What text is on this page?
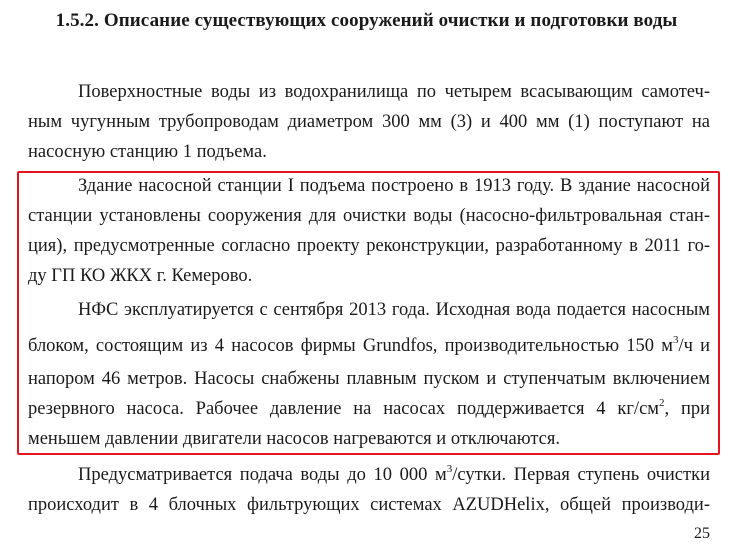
1.5.2. Описание существующих сооружений очистки и подготовки воды
Поверхностные воды из водохранилища по четырем всасывающим самотеч-
ным чугунным трубопроводам диаметром 300 мм (3) и 400 мм (1) поступают на
насосную станцию 1 подъема.
Здание насосной станции I подъема построено в 1913 году. В здание насосной
станции установлены сооружения для очистки воды (насосно-фильтровальная стан-
ция), предусмотренные согласно проекту реконструкции, разработанному в 2011 го-
ду ГП КО ЖКХ г. Кемерово.
НФС эксплуатируется с сентября 2013 года. Исходная вода подается насосным
блоком, состоящим из 4 насосов фирмы Grundfos, производительностью 150 $м^3/ч$ и
напором 46 метров. Насосы снабжены плавным пуском и ступенчатым включением
резервного насоса. Рабочее давление на насосах поддерживается 4 $кг/см^2$, при
меньшем давлении двигатели насосов нагреваются и отключаются.
Предусматривается подача воды до 10 000 $м^3$/сутки. Первая ступень очистки
происходит в 4 блочных фильтрующих системах AZUDHelix, общей производи-
25
